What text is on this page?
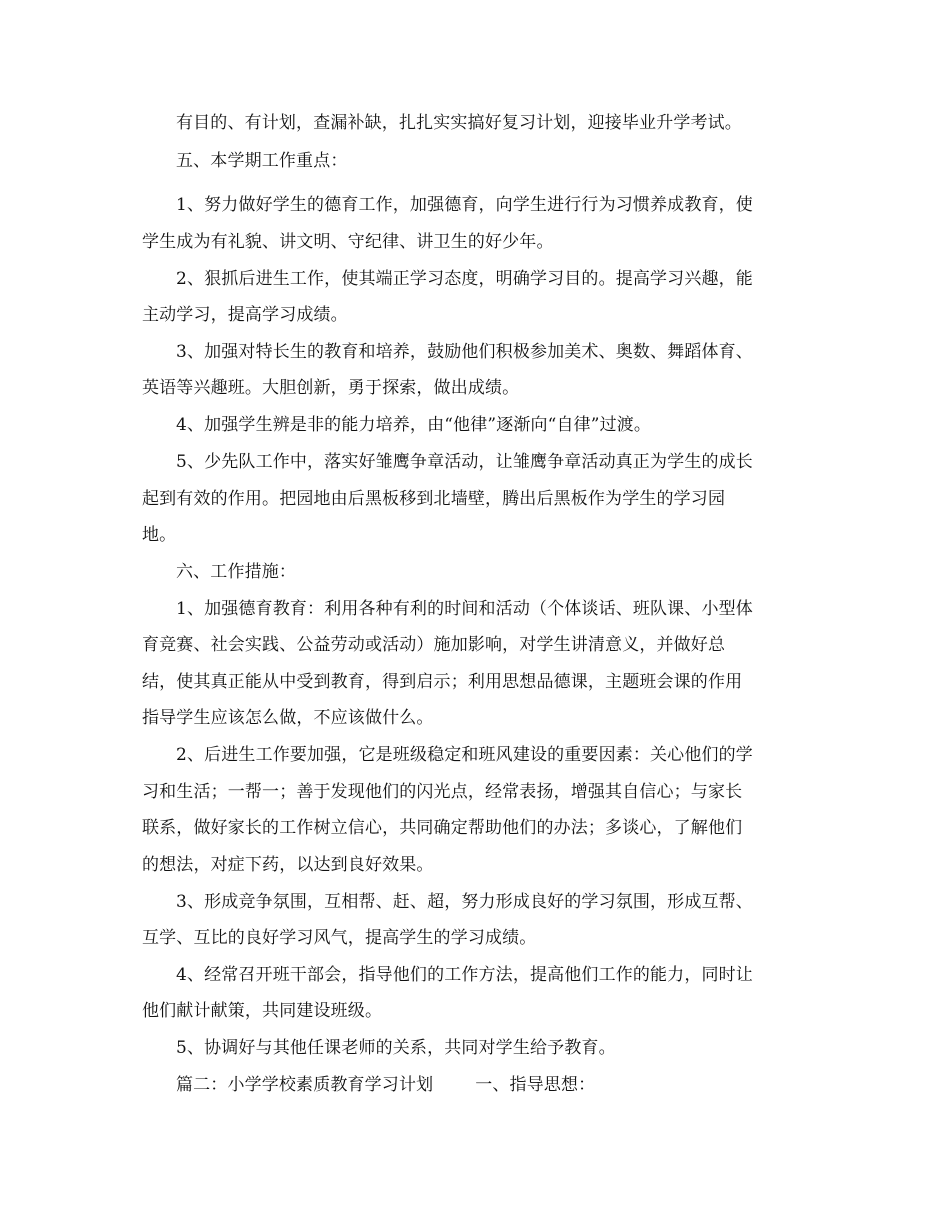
有目的、有计划，查漏补缺，扎扎实实搞好复习计划，迎接毕业升学考试。
五、本学期工作重点：
1、努力做好学生的德育工作，加强德育，向学生进行行为习惯养成教育，使
学生成为有礼貌、讲文明、守纪律、讲卫生的好少年。
2、狠抓后进生工作，使其端正学习态度，明确学习目的。提高学习兴趣，能
主动学习，提高学习成绩。
3、加强对特长生的教育和培养，鼓励他们积极参加美术、奥数、舞蹈体育、
英语等兴趣班。大胆创新，勇于探索，做出成绩。
4、加强学生辨是非的能力培养，由“他律”逐渐向“自律”过渡。
5、少先队工作中，落实好雏鹰争章活动，让雏鹰争章活动真正为学生的成长
起到有效的作用。把园地由后黑板移到北墙壁，腾出后黑板作为学生的学习园
地。
六、工作措施：
1、加强德育教育：利用各种有利的时间和活动（个体谈话、班队课、小型体
育竞赛、社会实践、公益劳动或活动）施加影响，对学生讲清意义，并做好总
结，使其真正能从中受到教育，得到启示；利用思想品德课，主题班会课的作用
指导学生应该怎么做，不应该做什么。
2、后进生工作要加强，它是班级稳定和班风建设的重要因素：关心他们的学
习和生活；一帮一；善于发现他们的闪光点，经常表扬，增强其自信心；与家长
联系，做好家长的工作树立信心，共同确定帮助他们的办法；多谈心，了解他们
的想法，对症下药，以达到良好效果。
3、形成竞争氛围，互相帮、赶、超，努力形成良好的学习氛围，形成互帮、
互学、互比的良好学习风气，提高学生的学习成绩。
4、经常召开班干部会，指导他们的工作方法，提高他们工作的能力，同时让
他们献计献策，共同建设班级。
5、协调好与其他任课老师的关系，共同对学生给予教育。
篇二：小学学校素质教育学习计划 一、指导思想：
